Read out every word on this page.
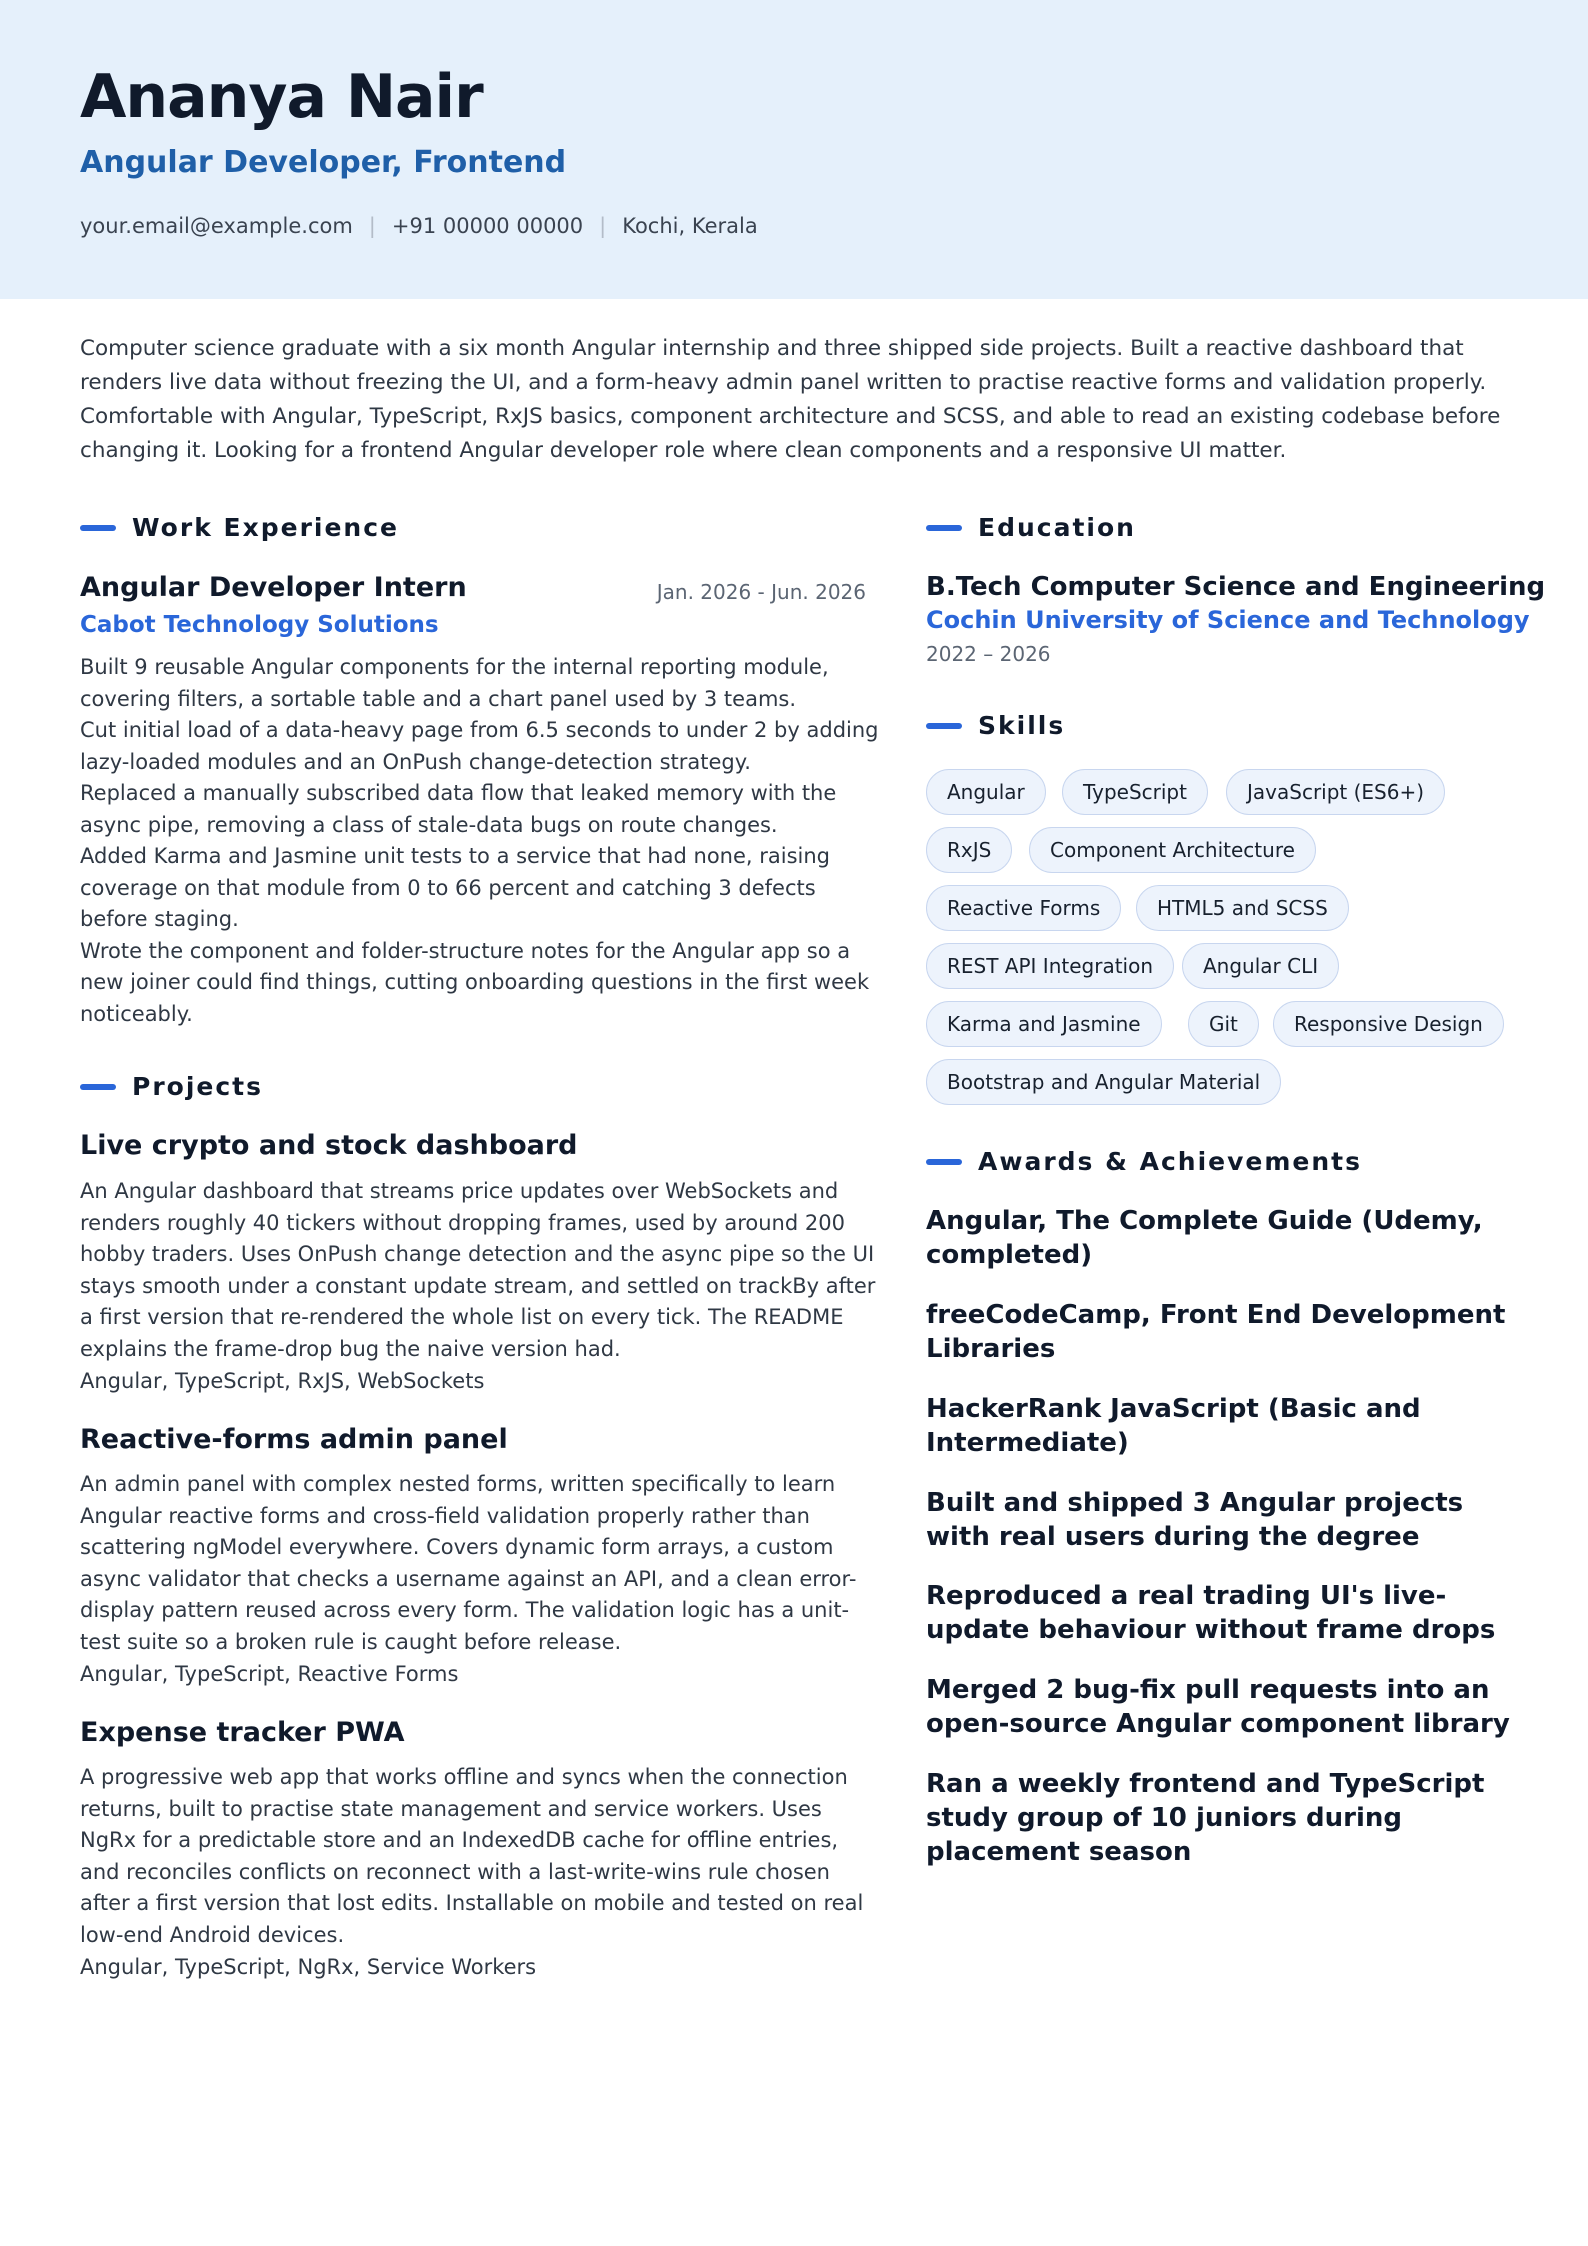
Ananya Nair
Angular Developer, Frontend
your.email@example.com | +91 00000 00000 | Kochi, Kerala
Computer science graduate with a six month Angular internship and three shipped side projects. Built a reactive dashboard that renders live data without freezing the UI, and a form-heavy admin panel written to practise reactive forms and validation properly. Comfortable with Angular, TypeScript, RxJS basics, component architecture and SCSS, and able to read an existing codebase before changing it. Looking for a frontend Angular developer role where clean components and a responsive UI matter.
Work Experience
Angular Developer Intern	Jan. 2026 - Jun. 2026
Cabot Technology Solutions
Built 9 reusable Angular components for the internal reporting module, covering filters, a sortable table and a chart panel used by 3 teams.
Cut initial load of a data-heavy page from 6.5 seconds to under 2 by adding lazy-loaded modules and an OnPush change-detection strategy.
Replaced a manually subscribed data flow that leaked memory with the async pipe, removing a class of stale-data bugs on route changes.
Added Karma and Jasmine unit tests to a service that had none, raising coverage on that module from 0 to 66 percent and catching 3 defects before staging.
Wrote the component and folder-structure notes for the Angular app so a new joiner could find things, cutting onboarding questions in the first week noticeably.
Projects
Live crypto and stock dashboard
An Angular dashboard that streams price updates over WebSockets and renders roughly 40 tickers without dropping frames, used by around 200 hobby traders. Uses OnPush change detection and the async pipe so the UI stays smooth under a constant update stream, and settled on trackBy after a first version that re-rendered the whole list on every tick. The README explains the frame-drop bug the naive version had.
Angular, TypeScript, RxJS, WebSockets
Reactive-forms admin panel
An admin panel with complex nested forms, written specifically to learn Angular reactive forms and cross-field validation properly rather than scattering ngModel everywhere. Covers dynamic form arrays, a custom async validator that checks a username against an API, and a clean error-display pattern reused across every form. The validation logic has a unit-test suite so a broken rule is caught before release.
Angular, TypeScript, Reactive Forms
Expense tracker PWA
A progressive web app that works offline and syncs when the connection returns, built to practise state management and service workers. Uses NgRx for a predictable store and an IndexedDB cache for offline entries, and reconciles conflicts on reconnect with a last-write-wins rule chosen after a first version that lost edits. Installable on mobile and tested on real low-end Android devices.
Angular, TypeScript, NgRx, Service Workers
Education
B.Tech Computer Science and Engineering
Cochin University of Science and Technology
2022 – 2026
Skills
Angular	TypeScript	JavaScript (ES6+)
RxJS	Component Architecture
Reactive Forms	HTML5 and SCSS
REST API Integration	Angular CLI
Karma and Jasmine	Git	Responsive Design
Bootstrap and Angular Material
Awards & Achievements
Angular, The Complete Guide (Udemy, completed)
freeCodeCamp, Front End Development Libraries
HackerRank JavaScript (Basic and Intermediate)
Built and shipped 3 Angular projects with real users during the degree
Reproduced a real trading UI's live-update behaviour without frame drops
Merged 2 bug-fix pull requests into an open-source Angular component library
Ran a weekly frontend and TypeScript study group of 10 juniors during placement season
